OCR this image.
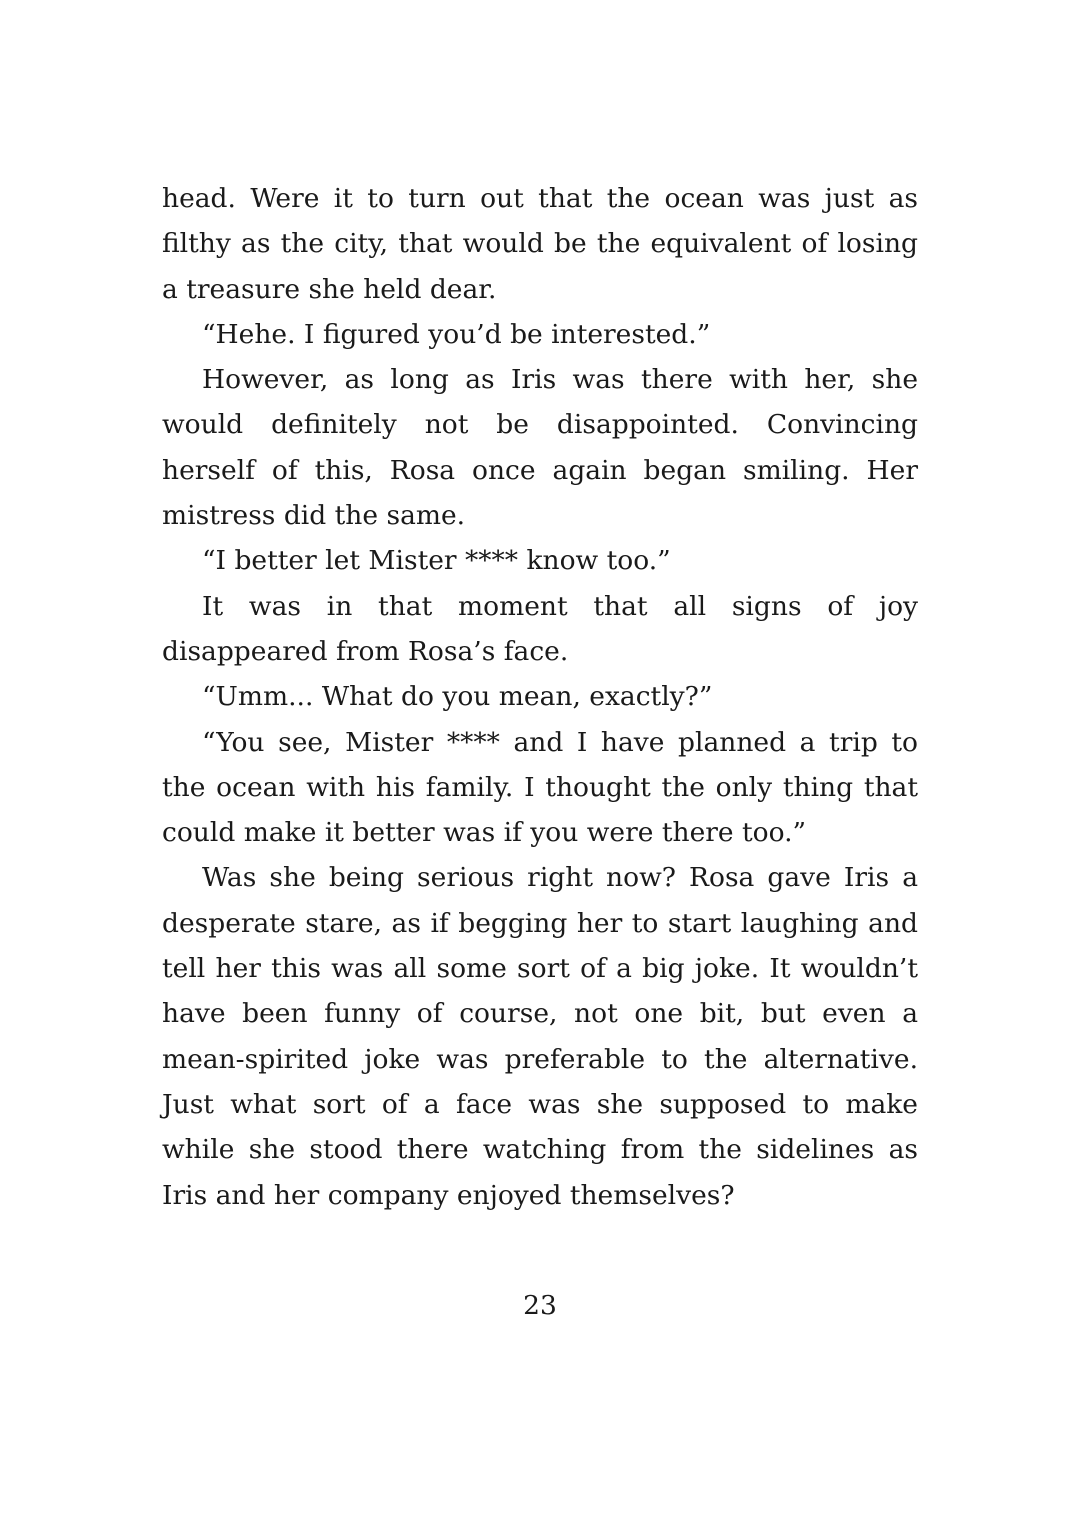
head. Were it to turn out that the ocean was just as filthy as the city, that would be the equivalent of losing a treasure she held dear.

“Hehe. I figured you’d be interested.”

However, as long as Iris was there with her, she would definitely not be disappointed. Convincing herself of this, Rosa once again began smiling. Her mistress did the same.

“I better let Mister **** know too.”

It was in that moment that all signs of joy disappeared from Rosa’s face.

“Umm... What do you mean, exactly?”

“You see, Mister **** and I have planned a trip to the ocean with his family. I thought the only thing that could make it better was if you were there too.”

Was she being serious right now? Rosa gave Iris a desperate stare, as if begging her to start laughing and tell her this was all some sort of a big joke. It wouldn’t have been funny of course, not one bit, but even a mean-spirited joke was preferable to the alternative. Just what sort of a face was she supposed to make while she stood there watching from the sidelines as Iris and her company enjoyed themselves?

23
